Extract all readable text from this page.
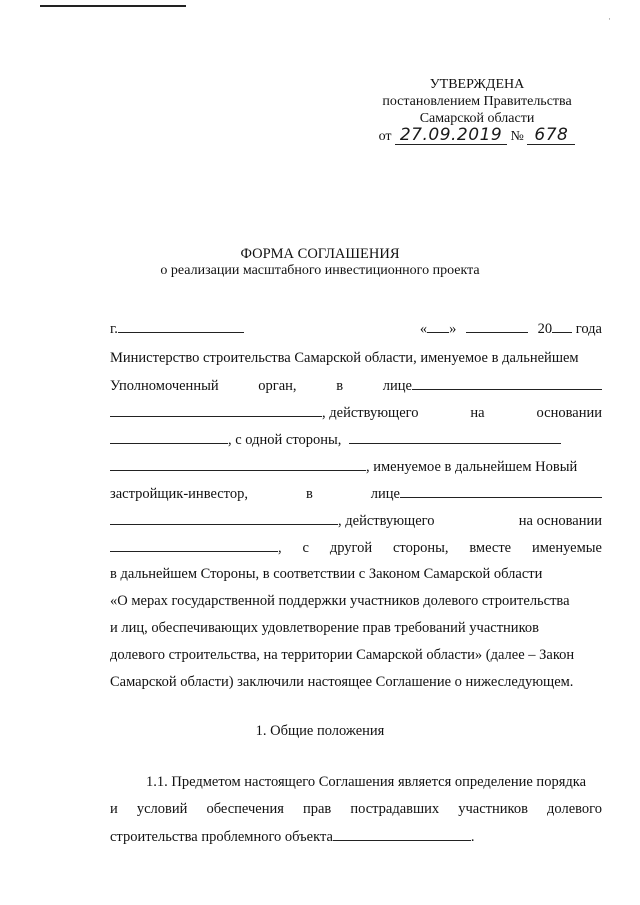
·
УТВЕРЖДЕНА
постановлением Правительства
Самарской области
от 27.09.2019 № 678
ФОРМА СОГЛАШЕНИЯ
о реализации масштабного инвестиционного проекта
г.	« »	20 года
Министерство строительства Самарской области, именуемое в дальнейшем
Уполномоченный	орган,	в	лице
, действующего	на	основании
, с одной стороны,
, именуемое в дальнейшем Новый
застройщик-инвестор,	в	лице
, действующего	на основании
, с другой стороны, вместе именуемые
в дальнейшем Стороны, в соответствии с Законом Самарской области
«О мерах государственной поддержки участников долевого строительства
и лиц, обеспечивающих удовлетворение прав требований участников
долевого строительства, на территории Самарской области» (далее – Закон
Самарской области) заключили настоящее Соглашение о нижеследующем.
1. Общие положения
1.1. Предметом настоящего Соглашения является определение порядка
и условий обеспечения прав пострадавших участников долевого
строительства проблемного объекта	.
